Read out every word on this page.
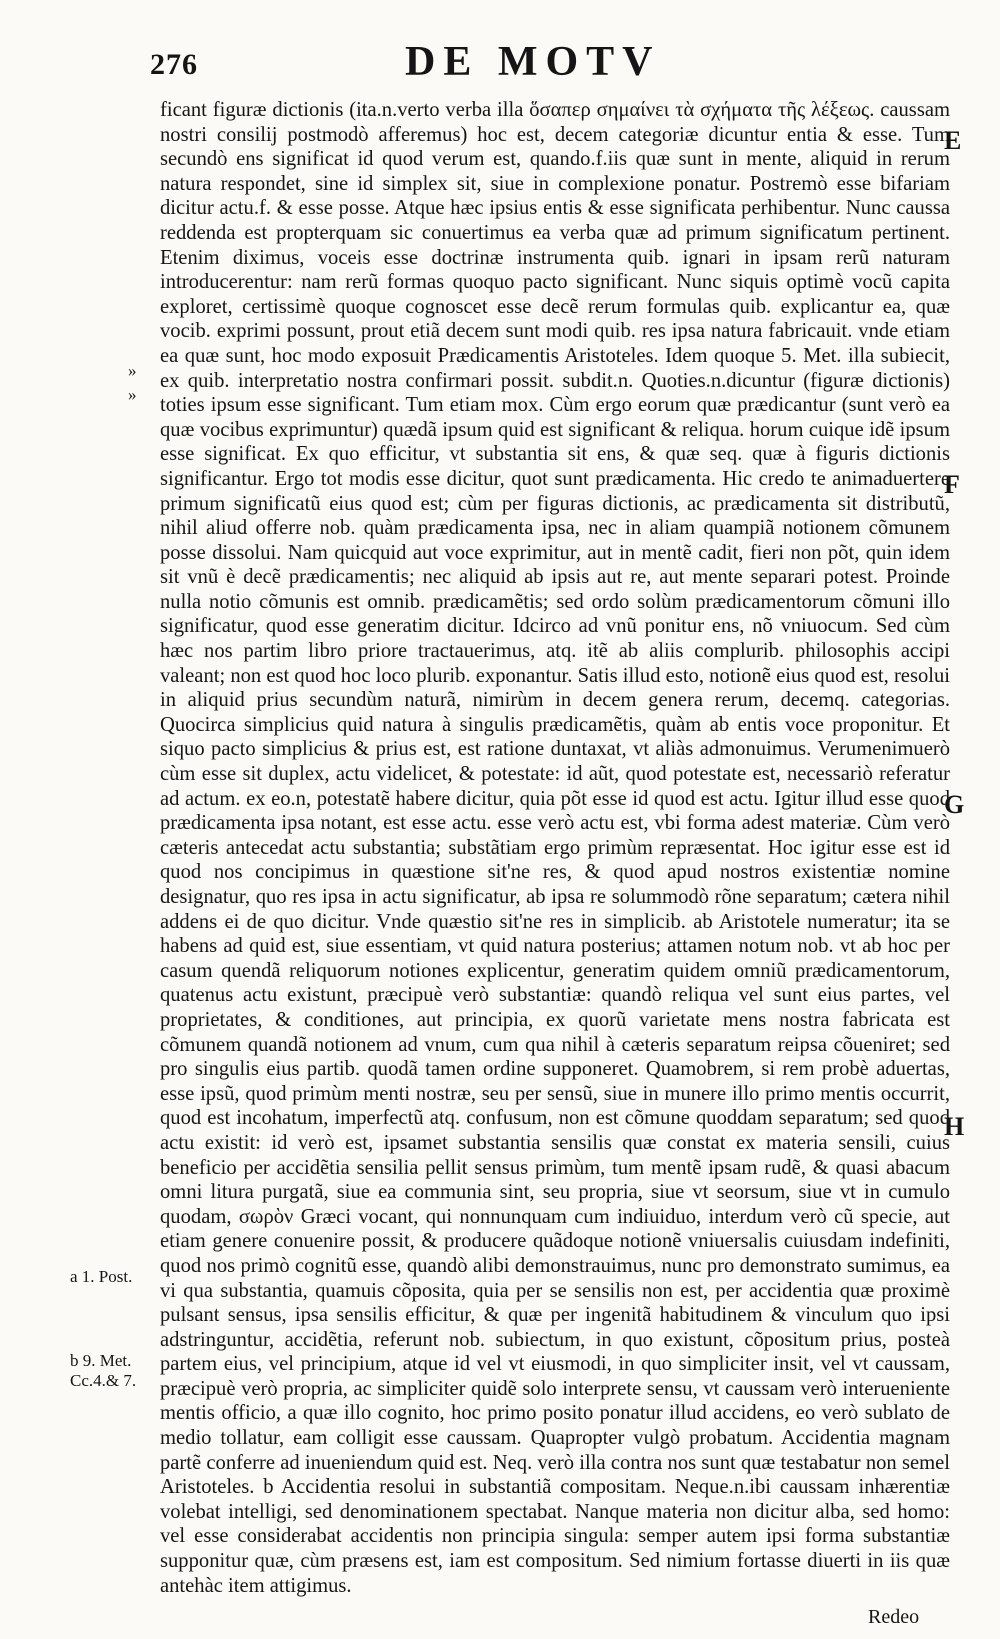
276	DE MOTV

ficant figuræ dictionis (ita.n.verto verba illa ὅσαπερ σημαίνει τὰ σχήματα τῆς λέξεως. caussam nostri consilij postmodò afferemus) hoc est, decem categoriæ dicuntur entia & esse. Tum secundò ens significat id quod verum est, quando.f.iis quæ sunt in mente, aliquid in rerum natura respondet, sine id simplex sit, siue in complexione ponatur. Postremò esse bifariam dicitur actu.f. & esse posse. Atque hæc ipsius entis & esse significata perhibentur. Nunc caussa reddenda est propterquam sic conuertimus ea verba quæ ad primum significatum pertinent. Etenim diximus, voceis esse doctrinæ instrumenta quib. ignari in ipsam rerũ naturam introducerentur: nam rerũ formas quoquo pacto significant. Nunc siquis optimè vocũ capita exploret, certissimè quoque cognoscet esse decẽ rerum formulas quib. explicantur ea, quæ vocib. exprimi possunt, prout etiã decem sunt modi quib. res ipsa natura fabricauit. vnde etiam ea quæ sunt, hoc modo exposuit Prædicamentis Aristoteles. Idem quoque 5. Met. illa subiecit, ex quib. interpretatio nostra confirmari possit. subdit.n. Quoties.n.dicuntur (figuræ dictionis) toties ipsum esse significant. Tum etiam mox. Cùm ergo eorum quæ prædicantur (sunt verò ea quæ vocibus exprimuntur) quædã ipsum quid est significant & reliqua. horum cuique idẽ ipsum esse significat. Ex quo efficitur, vt substantia sit ens, & quæ seq. quæ à figuris dictionis significantur. Ergo tot modis esse dicitur, quot sunt prædicamenta. Hic credo te animaduertere primum significatũ eius quod est; cùm per figuras dictionis, ac prædicamenta sit distributũ, nihil aliud offerre nob. quàm prædicamenta ipsa, nec in aliam quampiã notionem cõmunem posse dissolui. Nam quicquid aut voce exprimitur, aut in mentẽ cadit, fieri non põt, quin idem sit vnũ è decẽ prædicamentis; nec aliquid ab ipsis aut re, aut mente separari potest. Proinde nulla notio cõmunis est omnib. prædicamẽtis; sed ordo solùm prædicamentorum cõmuni illo significatur, quod esse generatim dicitur. Idcirco ad vnũ ponitur ens, nõ vniuocum. Sed cùm hæc nos partim libro priore tractauerimus, atq. itẽ ab aliis complurib. philosophis accipi valeant; non est quod hoc loco plurib. exponantur. Satis illud esto, notionẽ eius quod est, resolui in aliquid prius secundùm naturã, nimirùm in decem genera rerum, decemq. categorias. Quocirca simplicius quid natura à singulis prædicamẽtis, quàm ab entis voce proponitur. Et siquo pacto simplicius & prius est, est ratione duntaxat, vt aliàs admonuimus. Verumenimuerò cùm esse sit duplex, actu videlicet, & potestate: id aũt, quod potestate est, necessariò referatur ad actum. ex eo.n, potestatẽ habere dicitur, quia põt esse id quod est actu. Igitur illud esse quod prædicamenta ipsa notant, est esse actu. esse verò actu est, vbi forma adest materiæ. Cùm verò cæteris antecedat actu substantia; substãtiam ergo primùm repræsentat. Hoc igitur esse est id quod nos concipimus in quæstione sit'ne res, & quod apud nostros existentiæ nomine designatur, quo res ipsa in actu significatur, ab ipsa re solummodò rõne separatum; cætera nihil addens ei de quo dicitur. Vnde quæstio sit'ne res in simplicib. ab Aristotele numeratur; ita se habens ad quid est, siue essentiam, vt quid natura posterius; attamen notum nob. vt ab hoc per casum quendã reliquorum notiones explicentur, generatim quidem omniũ prædicamentorum, quatenus actu existunt, præcipuè verò substantiæ: quandò reliqua vel sunt eius partes, vel proprietates, & conditiones, aut principia, ex quorũ varietate mens nostra fabricata est cõmunem quandã notionem ad vnum, cum qua nihil à cæteris separatum reipsa cõueniret; sed pro singulis eius partib. quodã tamen ordine supponeret. Quamobrem, si rem probè aduertas, esse ipsũ, quod primùm menti nostræ, seu per sensũ, siue in munere illo primo mentis occurrit, quod est incohatum, imperfectũ atq. confusum, non est cõmune quoddam separatum; sed quod actu existit: id verò est, ipsamet substantia sensilis quæ constat ex materia sensili, cuius beneficio per accidẽtia sensilia pellit sensus primùm, tum mentẽ ipsam rudẽ, & quasi abacum omni litura purgatã, siue ea communia sint, seu propria, siue vt seorsum, siue vt in cumulo quodam, σωρὸν Græci vocant, qui nonnunquam cum indiuiduo, interdum verò cũ specie, aut etiam genere conuenire possit, & producere quãdoque notionẽ vniuersalis cuiusdam indefiniti, quod nos primò cognitũ esse, quandò alibi demonstrauimus, nunc pro demonstrato sumimus, ea vi qua substantia, quamuis cõposita, quia per se sensilis non est, per accidentia quæ proximè pulsant sensus, ipsa sensilis efficitur, & quæ per ingenitã habitudinem & vinculum quo ipsi adstringuntur, accidẽtia, referunt nob. subiectum, in quo existunt, cõpositum prius, posteà partem eius, vel principium, atque id vel vt eiusmodi, in quo simpliciter insit, vel vt caussam, præcipuè verò propria, ac simpliciter quidẽ solo interprete sensu, vt caussam verò interueniente mentis officio, a quæ illo cognito, hoc primo posito ponatur illud accidens, eo verò sublato de medio tollatur, eam colligit esse caussam. Quapropter vulgò probatum. Accidentia magnam partẽ conferre ad inueniendum quid est. Neq. verò illa contra nos sunt quæ testabatur non semel Aristoteles. b Accidentia resolui in substantiã compositam. Neque.n.ibi caussam inhærentiæ volebat intelligi, sed denominationem spectabat. Nanque materia non dicitur alba, sed homo: vel esse considerabat accidentis non principia singula: semper autem ipsi forma substantiæ supponitur quæ, cùm præsens est, iam est compositum. Sed nimium fortasse diuerti in iis quæ antehàc item attigimus.

E
F
G
H
»
»
a 1. Post.
b 9. Met.
Cc.4.& 7.
Redeo
